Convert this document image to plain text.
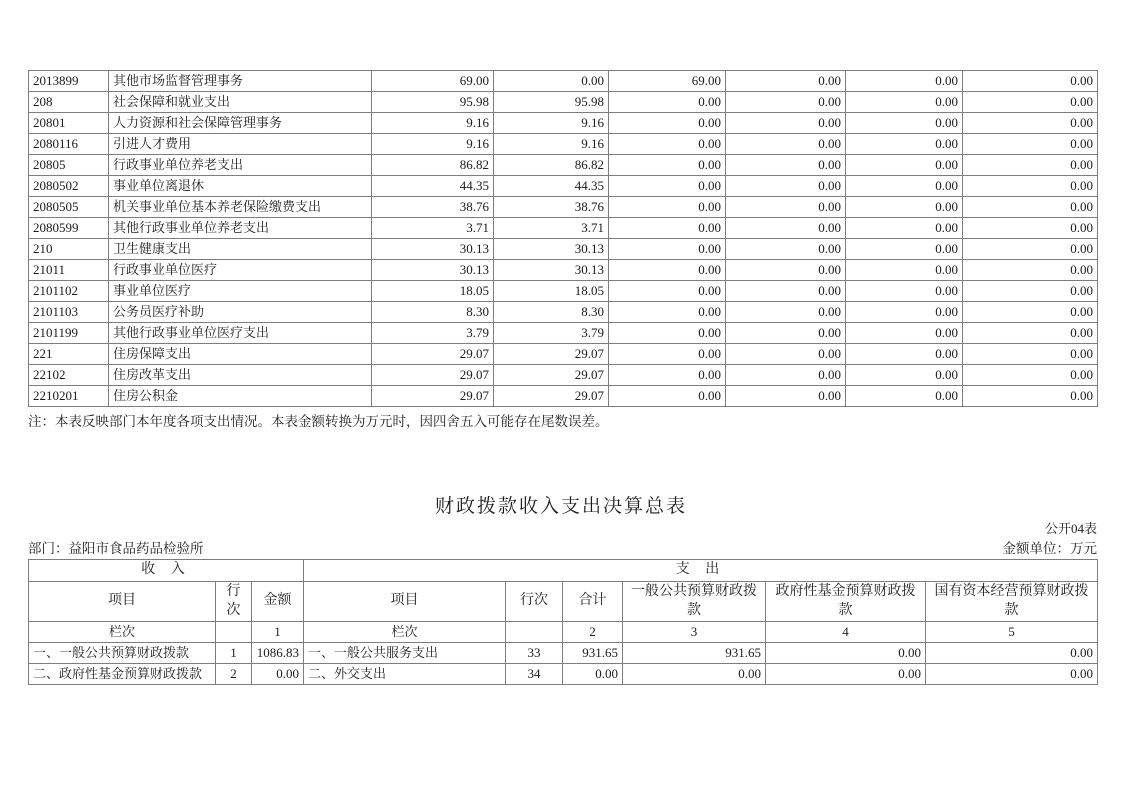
2013899	其他市场监督管理事务	69.00	0.00	69.00	0.00	0.00	0.00
208	社会保障和就业支出	95.98	95.98	0.00	0.00	0.00	0.00
20801	人力资源和社会保障管理事务	9.16	9.16	0.00	0.00	0.00	0.00
2080116	引进人才费用	9.16	9.16	0.00	0.00	0.00	0.00
20805	行政事业单位养老支出	86.82	86.82	0.00	0.00	0.00	0.00
2080502	事业单位离退休	44.35	44.35	0.00	0.00	0.00	0.00
2080505	机关事业单位基本养老保险缴费支出	38.76	38.76	0.00	0.00	0.00	0.00
2080599	其他行政事业单位养老支出	3.71	3.71	0.00	0.00	0.00	0.00
210	卫生健康支出	30.13	30.13	0.00	0.00	0.00	0.00
21011	行政事业单位医疗	30.13	30.13	0.00	0.00	0.00	0.00
2101102	事业单位医疗	18.05	18.05	0.00	0.00	0.00	0.00
2101103	公务员医疗补助	8.30	8.30	0.00	0.00	0.00	0.00
2101199	其他行政事业单位医疗支出	3.79	3.79	0.00	0.00	0.00	0.00
221	住房保障支出	29.07	29.07	0.00	0.00	0.00	0.00
22102	住房改革支出	29.07	29.07	0.00	0.00	0.00	0.00
2210201	住房公积金	29.07	29.07	0.00	0.00	0.00	0.00
注：本表反映部门本年度各项支出情况。本表金额转换为万元时，因四舍五入可能存在尾数误差。
财政拨款收入支出决算总表
公开04表
部门：益阳市食品药品检验所	金额单位：万元
收 入			支 出					
项目	行次	金额	项目	行次	合计	一般公共预算财政拨款	政府性基金预算财政拨款	国有资本经营预算财政拨款
栏次		1	栏次		2	3	4	5
一、一般公共预算财政拨款	1	1086.83	一、一般公共服务支出	33	931.65	931.65	0.00	0.00
二、政府性基金预算财政拨款	2	0.00	二、外交支出	34	0.00	0.00	0.00	0.00
